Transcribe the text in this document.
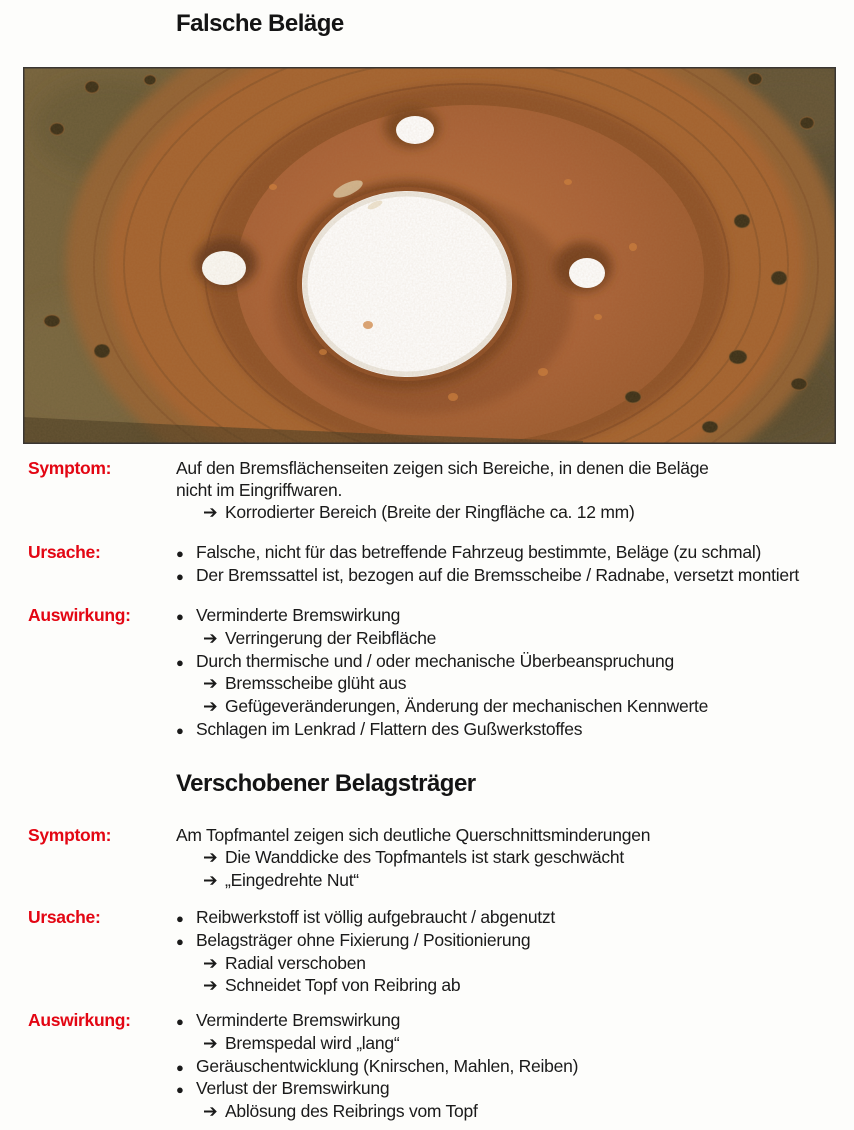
Falsche Beläge
Symptom:	Auf den Bremsflächenseiten zeigen sich Bereiche, in denen die Beläge
nicht im Eingriffwaren.
➔ Korrodierter Bereich (Breite der Ringfläche ca. 12 mm)
Ursache:	● Falsche, nicht für das betreffende Fahrzeug bestimmte, Beläge (zu schmal)
● Der Bremssattel ist, bezogen auf die Bremsscheibe / Radnabe, versetzt montiert
Auswirkung:	● Verminderte Bremswirkung
➔ Verringerung der Reibfläche
● Durch thermische und / oder mechanische Überbeanspruchung
➔ Bremsscheibe glüht aus
➔ Gefügeveränderungen, Änderung der mechanischen Kennwerte
● Schlagen im Lenkrad / Flattern des Gußwerkstoffes
Verschobener Belagsträger
Symptom:	Am Topfmantel zeigen sich deutliche Querschnittsminderungen
➔ Die Wanddicke des Topfmantels ist stark geschwächt
➔ „Eingedrehte Nut“
Ursache:	● Reibwerkstoff ist völlig aufgebraucht / abgenutzt
● Belagsträger ohne Fixierung / Positionierung
➔ Radial verschoben
➔ Schneidet Topf von Reibring ab
Auswirkung:	● Verminderte Bremswirkung
➔ Bremspedal wird „lang“
● Geräuschentwicklung (Knirschen, Mahlen, Reiben)
● Verlust der Bremswirkung
➔ Ablösung des Reibrings vom Topf
